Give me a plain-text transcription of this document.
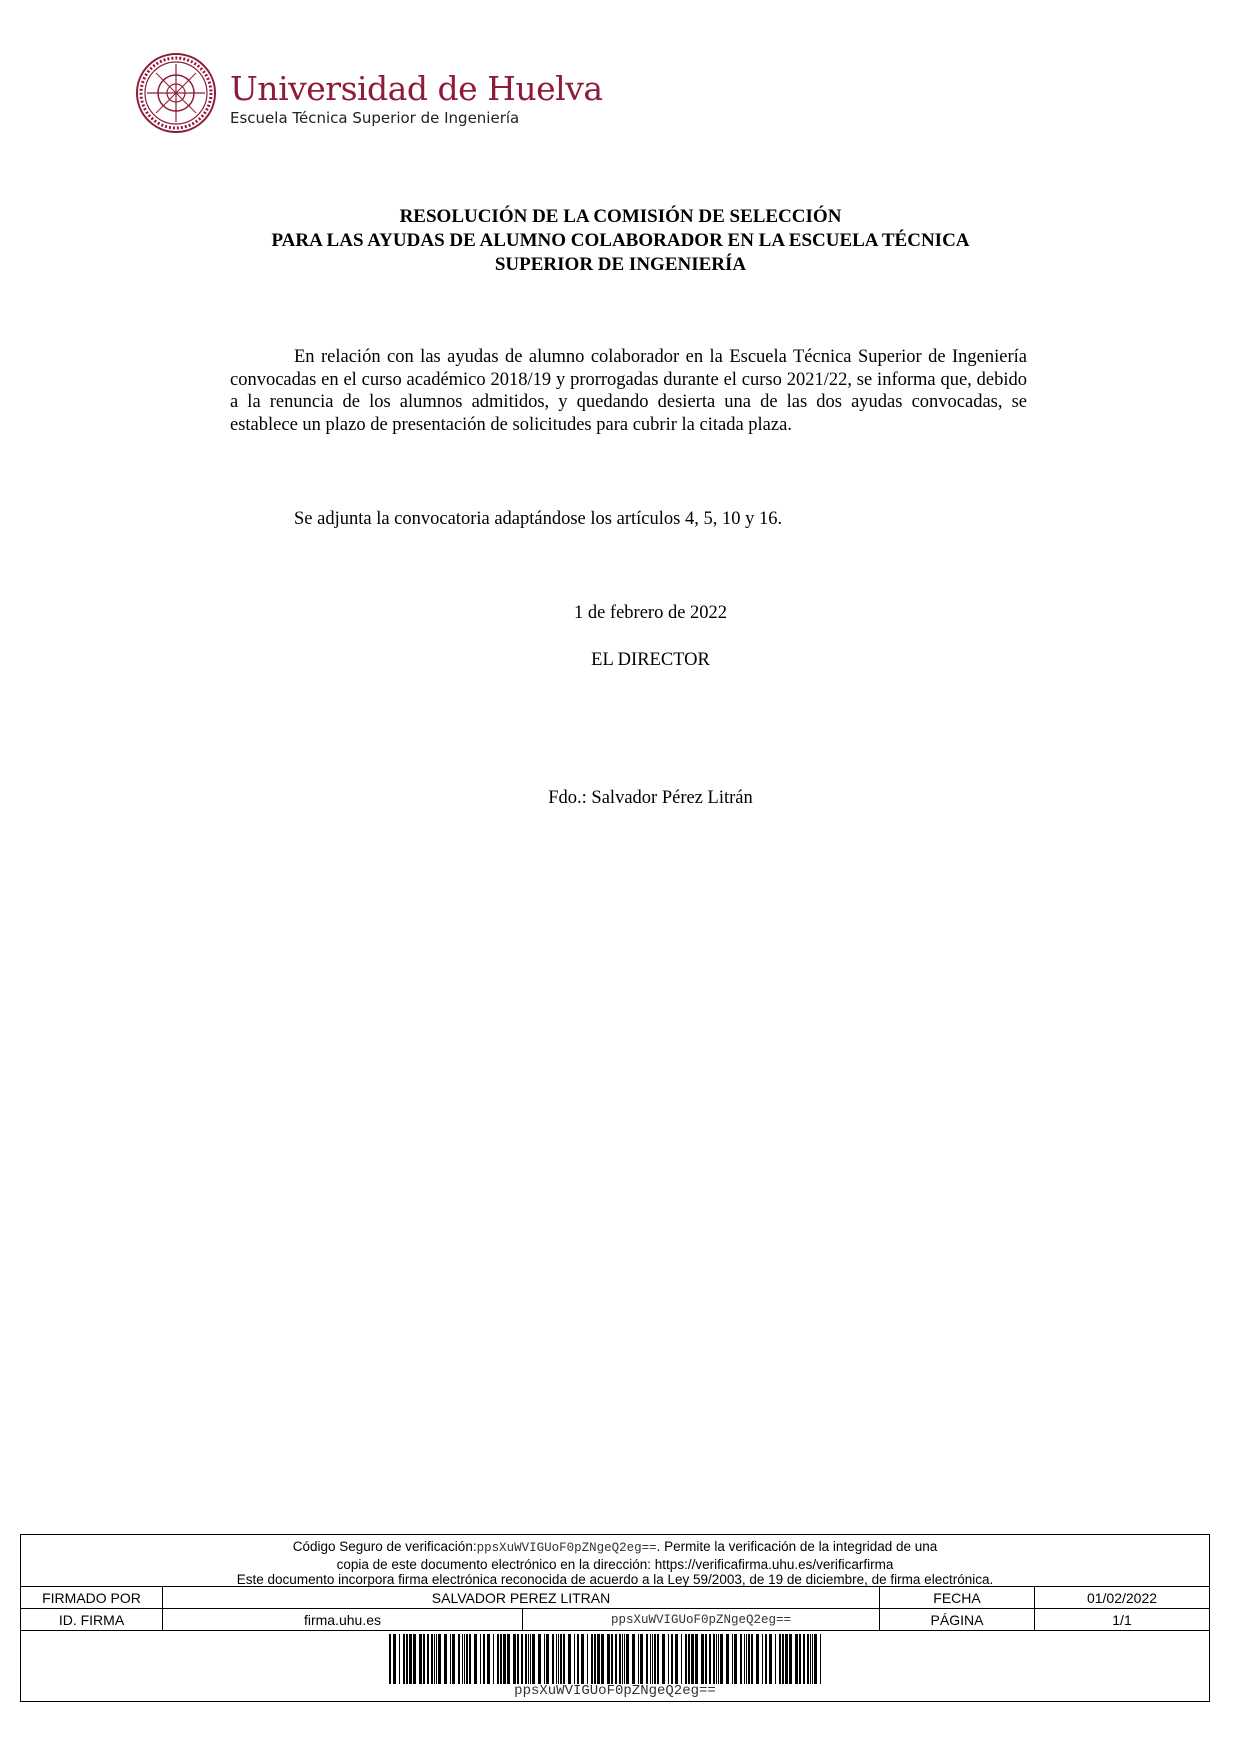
Universidad de Huelva
Escuela Técnica Superior de Ingeniería
RESOLUCIÓN DE LA COMISIÓN DE SELECCIÓN
PARA LAS AYUDAS DE ALUMNO COLABORADOR EN LA ESCUELA TÉCNICA
SUPERIOR DE INGENIERÍA
En relación con las ayudas de alumno colaborador en la Escuela Técnica Superior de Ingeniería convocadas en el curso académico 2018/19 y prorrogadas durante el curso 2021/22, se informa que, debido a la renuncia de los alumnos admitidos, y quedando desierta una de las dos ayudas convocadas, se establece un plazo de presentación de solicitudes para cubrir la citada plaza.
Se adjunta la convocatoria adaptándose los artículos 4, 5, 10 y 16.
1 de febrero de 2022
EL DIRECTOR
Fdo.: Salvador Pérez Litrán
Código Seguro de verificación:ppsXuWVIGUoF0pZNgeQ2eg==. Permite la verificación de la integridad de una
copia de este documento electrónico en la dirección: https://verificafirma.uhu.es/verificarfirma
Este documento incorpora firma electrónica reconocida de acuerdo a la Ley 59/2003, de 19 de diciembre, de firma electrónica.
FIRMADO POR	SALVADOR PEREZ LITRAN	FECHA	01/02/2022
ID. FIRMA	firma.uhu.es	ppsXuWVIGUoF0pZNgeQ2eg==	PÁGINA	1/1
ppsXuWVIGUoF0pZNgeQ2eg==
